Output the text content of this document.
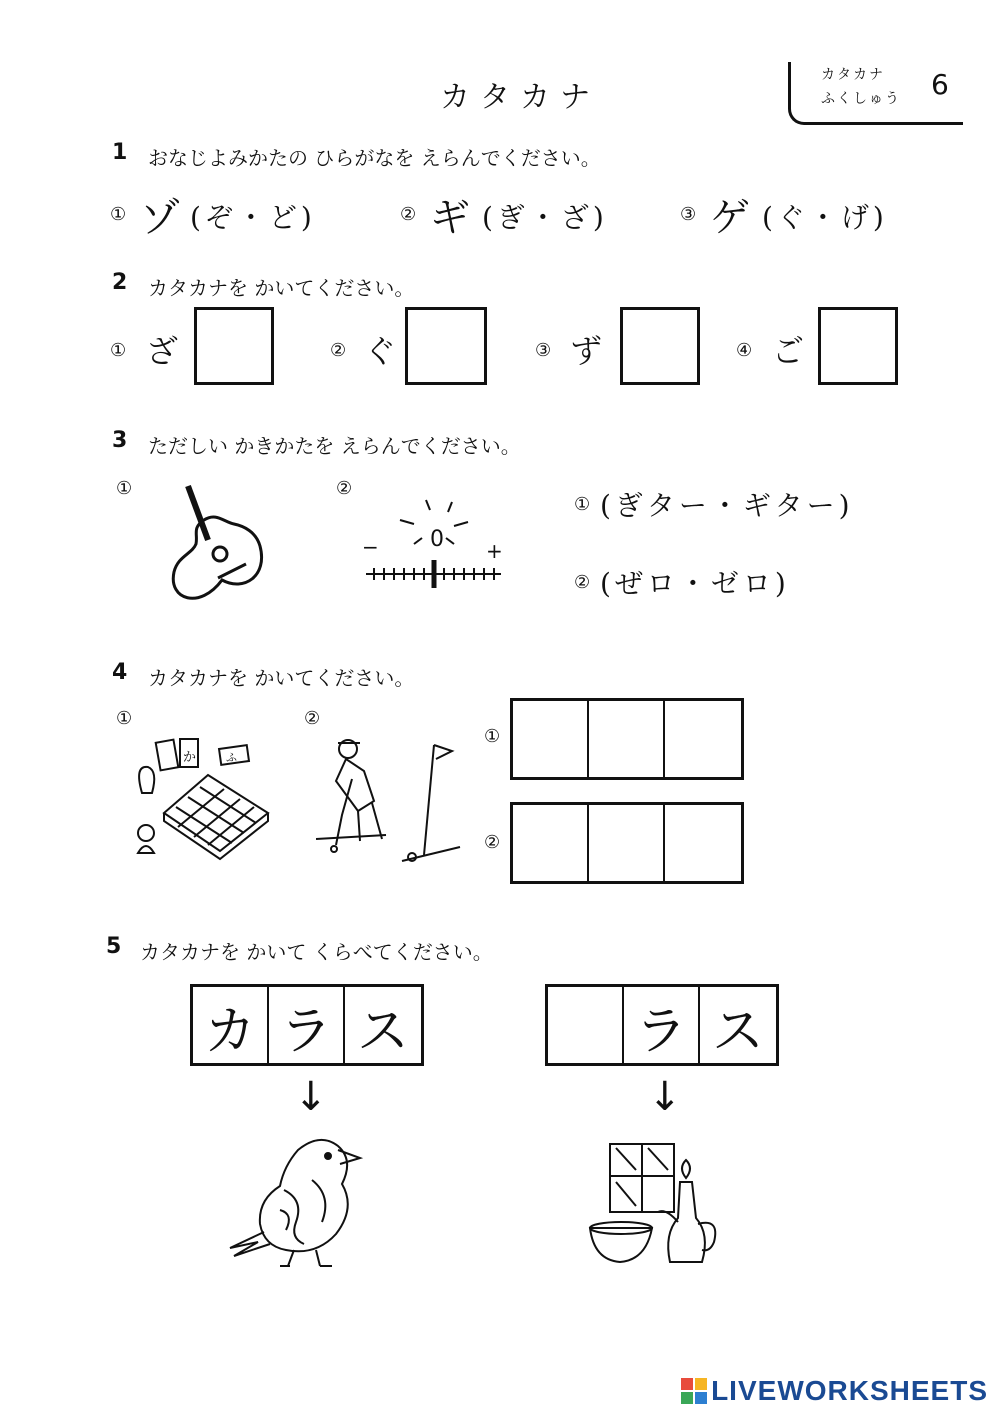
カタカナ
カタカナ
ふくしゅう 6
1 おなじよみかたの ひらがなを えらんでください。
① ゾ (ぞ・ど)	② ギ (ぎ・ざ)	③ ゲ (ぐ・げ)
2 カタカナを かいてください。
① ざ	② ぐ	③ ず	④ ご
3 ただしい かきかたを えらんでください。
①	②
0
−	+
① (ぎター・ギター)
② (ぜロ・ゼロ)
4 カタカナを かいてください。
①
か	ふ
②
①
②
5 カタカナを かいて くらべてください。
カ ラ ス	ラ ス
↓	↓
LIVEWORKSHEETS
